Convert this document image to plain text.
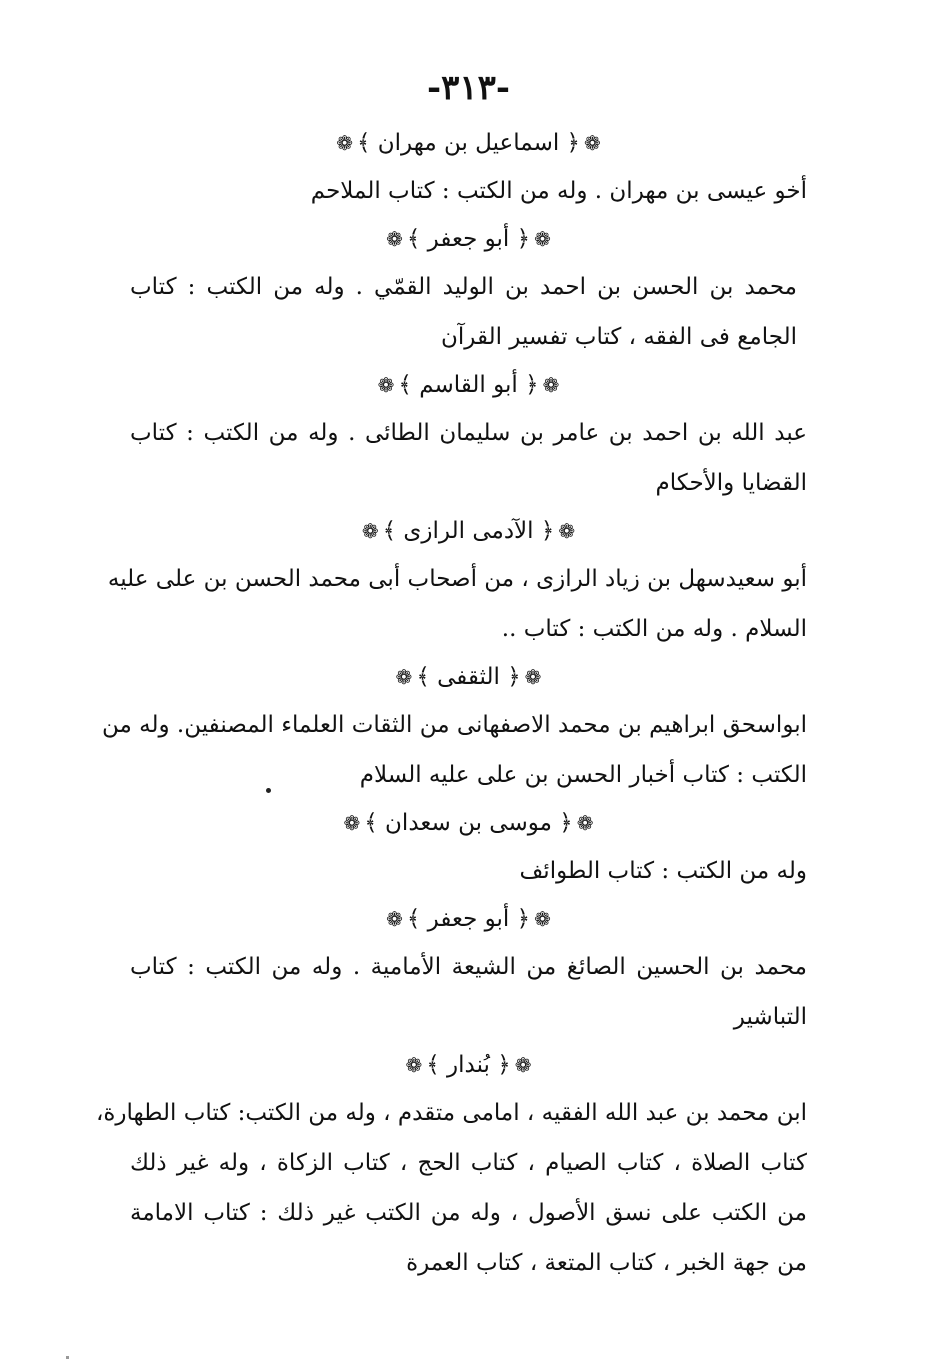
-٣١٣-
❁﴿ اسماعيل بن مهران ﴾❁
أخو عيسى بن مهران . وله من الكتب : كتاب الملاحم
❁﴿ أبو جعفر ﴾❁
محمد بن الحسن بن احمد بن الوليد القمّي . وله من الكتب : كتاب
الجامع فى الفقه ، كتاب تفسير القرآن
❁﴿ أبو القاسم ﴾❁
عبد الله بن احمد بن عامر بن سليمان الطائى . وله من الكتب : كتاب
القضايا والأحكام
❁﴿ الآدمى الرازى ﴾❁
أبو سعيدسهل بن زياد الرازى ، من أصحاب أبى محمد الحسن بن على عليه
السلام . وله من الكتب : كتاب ..
❁﴿ الثقفى ﴾❁
ابواسحق ابراهيم بن محمد الاصفهانى من الثقات العلماء المصنفين. وله من
الكتب : كتاب أخبار الحسن بن على عليه السلام
❁﴿ موسى بن سعدان ﴾❁
وله من الكتب : كتاب الطوائف
❁﴿ أبو جعفر ﴾❁
محمد بن الحسين الصائغ من الشيعة الأمامية . وله من الكتب : كتاب
التباشير
❁﴿ بُندار ﴾❁
ابن محمد بن عبد الله الفقيه ، امامى متقدم ، وله من الكتب: كتاب الطهارة،
كتاب الصلاة ، كتاب الصيام ، كتاب الحج ، كتاب الزكاة ، وله غير ذلك
من الكتب على نسق الأصول ، وله من الكتب غير ذلك : كتاب الامامة
من جهة الخبر ، كتاب المتعة ، كتاب العمرة
